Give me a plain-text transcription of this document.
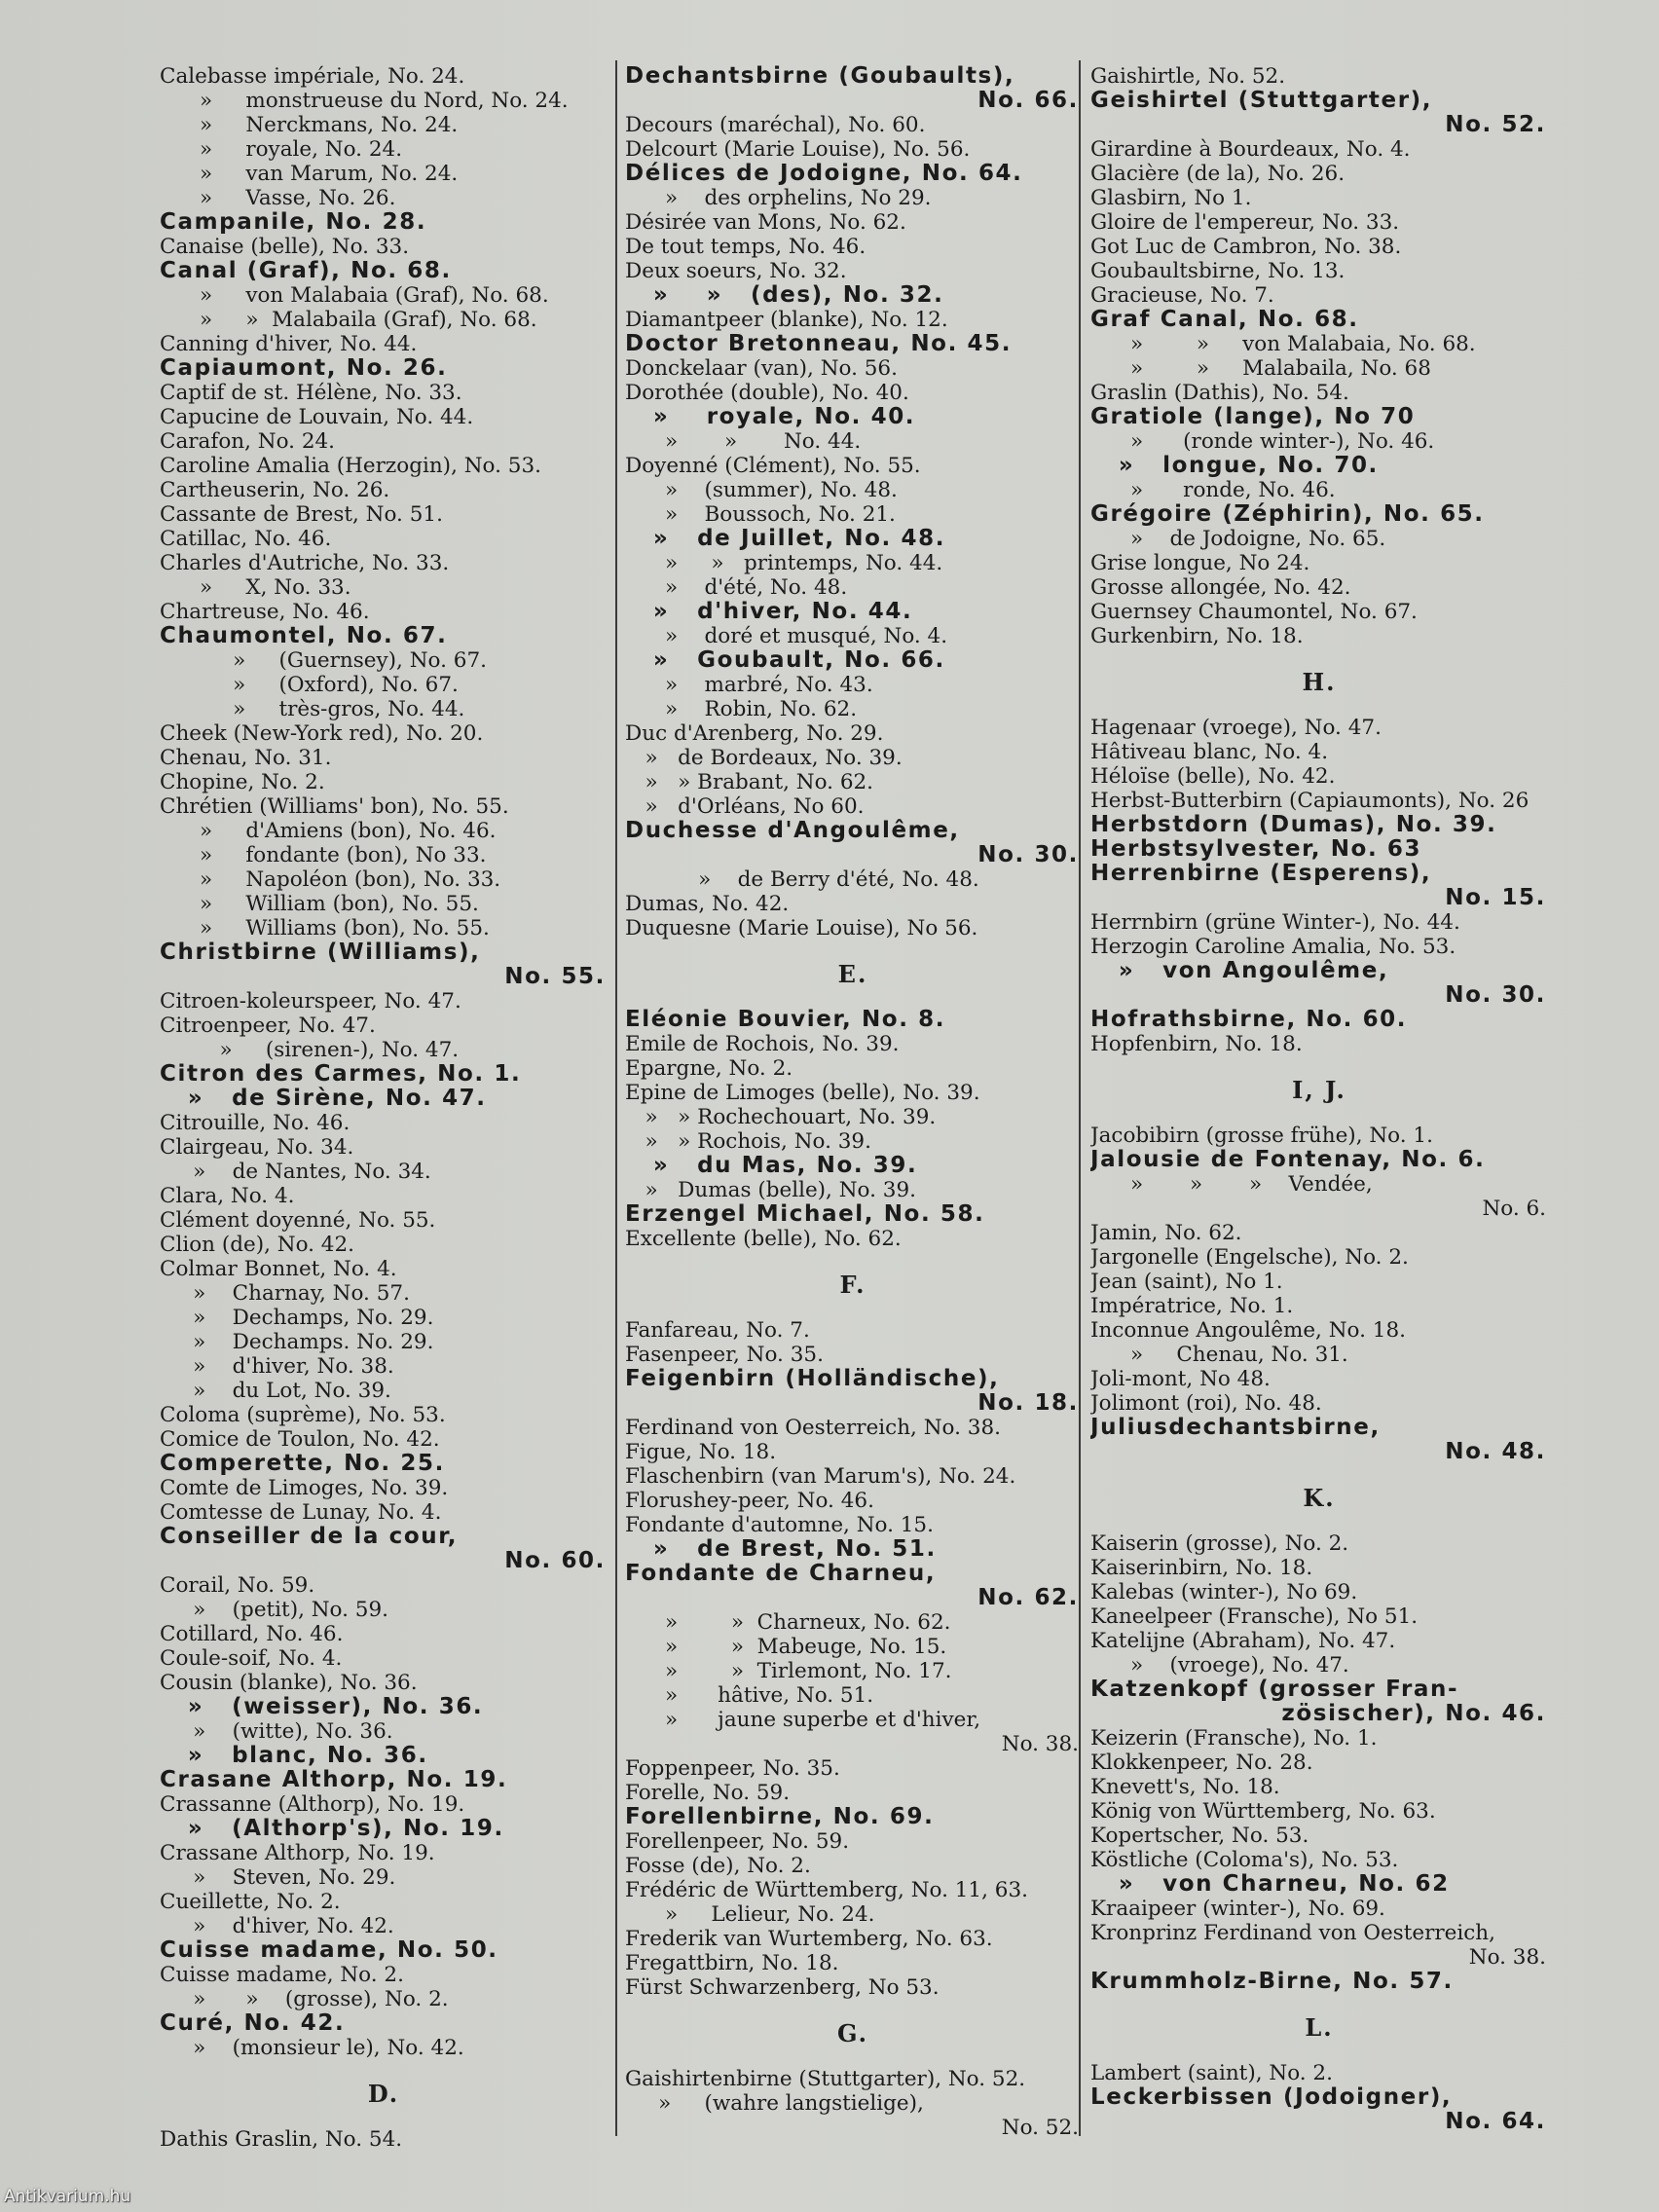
Calebasse impériale, No. 24.
»     monstrueuse du Nord, No. 24.
»     Nerckmans, No. 24.
»     royale, No. 24.
»     van Marum, No. 24.
»     Vasse, No. 26.
Campanile, No. 28.
Canaise (belle), No. 33.
Canal (Graf), No. 68.
»     von Malabaia (Graf), No. 68.
»     »  Malabaila (Graf), No. 68.
Canning d'hiver, No. 44.
Capiaumont, No. 26.
Captif de st. Hélène, No. 33.
Capucine de Louvain, No. 44.
Carafon, No. 24.
Caroline Amalia (Herzogin), No. 53.
Cartheuserin, No. 26.
Cassante de Brest, No. 51.
Catillac, No. 46.
Charles d'Autriche, No. 33.
»     X, No. 33.
Chartreuse, No. 46.
Chaumontel, No. 67.
»     (Guernsey), No. 67.
»     (Oxford), No. 67.
»     très-gros, No. 44.
Cheek (New-York red), No. 20.
Chenau, No. 31.
Chopine, No. 2.
Chrétien (Williams' bon), No. 55.
»     d'Amiens (bon), No. 46.
»     fondante (bon), No 33.
»     Napoléon (bon), No. 33.
»     William (bon), No. 55.
»     Williams (bon), No. 55.
Christbirne (Williams),
No. 55.
Citroen-koleurspeer, No. 47.
Citroenpeer, No. 47.
»     (sirenen-), No. 47.
Citron des Carmes, No. 1.
»   de Sirène, No. 47.
Citrouille, No. 46.
Clairgeau, No. 34.
»    de Nantes, No. 34.
Clara, No. 4.
Clément doyenné, No. 55.
Clion (de), No. 42.
Colmar Bonnet, No. 4.
»    Charnay, No. 57.
»    Dechamps, No. 29.
»    Dechamps. No. 29.
»    d'hiver, No. 38.
»    du Lot, No. 39.
Coloma (suprème), No. 53.
Comice de Toulon, No. 42.
Comperette, No. 25.
Comte de Limoges, No. 39.
Comtesse de Lunay, No. 4.
Conseiller de la cour,
No. 60.
Corail, No. 59.
»    (petit), No. 59.
Cotillard, No. 46.
Coule-soif, No. 4.
Cousin (blanke), No. 36.
»   (weisser), No. 36.
»    (witte), No. 36.
»   blanc, No. 36.
Crasane Althorp, No. 19.
Crassanne (Althorp), No. 19.
»   (Althorp's), No. 19.
Crassane Althorp, No. 19.
»    Steven, No. 29.
Cueillette, No. 2.
»    d'hiver, No. 42.
Cuisse madame, No. 50.
Cuisse madame, No. 2.
»      »    (grosse), No. 2.
Curé, No. 42.
»    (monsieur le), No. 42.
D.
Dathis Graslin, No. 54.
Dechantsbirne (Goubaults),
No. 66.
Decours (maréchal), No. 60.
Delcourt (Marie Louise), No. 56.
Délices de Jodoigne, No. 64.
»    des orphelins, No 29.
Désirée van Mons, No. 62.
De tout temps, No. 46.
Deux soeurs, No. 32.
»    »   (des), No. 32.
Diamantpeer (blanke), No. 12.
Doctor Bretonneau, No. 45.
Donckelaar (van), No. 56.
Dorothée (double), No. 40.
»    royale, No. 40.
»       »       No. 44.
Doyenné (Clément), No. 55.
»    (summer), No. 48.
»    Boussoch, No. 21.
»   de Juillet, No. 48.
»     »   printemps, No. 44.
»    d'été, No. 48.
»   d'hiver, No. 44.
»    doré et musqué, No. 4.
»   Goubault, No. 66.
»    marbré, No. 43.
»    Robin, No. 62.
Duc d'Arenberg, No. 29.
»   de Bordeaux, No. 39.
»   » Brabant, No. 62.
»   d'Orléans, No 60.
Duchesse d'Angoulême,
No. 30.
»    de Berry d'été, No. 48.
Dumas, No. 42.
Duquesne (Marie Louise), No 56.
E.
Eléonie Bouvier, No. 8.
Emile de Rochois, No. 39.
Epargne, No. 2.
Epine de Limoges (belle), No. 39.
»   » Rochechouart, No. 39.
»   » Rochois, No. 39.
»   du Mas, No. 39.
»   Dumas (belle), No. 39.
Erzengel Michael, No. 58.
Excellente (belle), No. 62.
F.
Fanfareau, No. 7.
Fasenpeer, No. 35.
Feigenbirn (Holländische),
No. 18.
Ferdinand von Oesterreich, No. 38.
Figue, No. 18.
Flaschenbirn (van Marum's), No. 24.
Florushey-peer, No. 46.
Fondante d'automne, No. 15.
»   de Brest, No. 51.
Fondante de Charneu,
No. 62.
»        »  Charneux, No. 62.
»        »  Mabeuge, No. 15.
»        »  Tirlemont, No. 17.
»      hâtive, No. 51.
»      jaune superbe et d'hiver,
No. 38.
Foppenpeer, No. 35.
Forelle, No. 59.
Forellenbirne, No. 69.
Forellenpeer, No. 59.
Fosse (de), No. 2.
Frédéric de Württemberg, No. 11, 63.
»     Lelieur, No. 24.
Frederik van Wurtemberg, No. 63.
Fregattbirn, No. 18.
Fürst Schwarzenberg, No 53.
G.
Gaishirtenbirne (Stuttgarter), No. 52.
»     (wahre langstielige),
No. 52.
Gaishirtle, No. 52.
Geishirtel (Stuttgarter),
No. 52.
Girardine à Bourdeaux, No. 4.
Glacière (de la), No. 26.
Glasbirn, No 1.
Gloire de l'empereur, No. 33.
Got Luc de Cambron, No. 38.
Goubaultsbirne, No. 13.
Gracieuse, No. 7.
Graf Canal, No. 68.
»        »     von Malabaia, No. 68.
»        »     Malabaila, No. 68
Graslin (Dathis), No. 54.
Gratiole (lange), No 70
»      (ronde winter-), No. 46.
»   longue, No. 70.
»      ronde, No. 46.
Grégoire (Zéphirin), No. 65.
»    de Jodoigne, No. 65.
Grise longue, No 24.
Grosse allongée, No. 42.
Guernsey Chaumontel, No. 67.
Gurkenbirn, No. 18.
H.
Hagenaar (vroege), No. 47.
Hâtiveau blanc, No. 4.
Héloïse (belle), No. 42.
Herbst-Butterbirn (Capiaumonts), No. 26
Herbstdorn (Dumas), No. 39.
Herbstsylvester, No. 63
Herrenbirne (Esperens),
No. 15.
Herrnbirn (grüne Winter-), No. 44.
Herzogin Caroline Amalia, No. 53.
»   von Angoulême,
No. 30.
Hofrathsbirne, No. 60.
Hopfenbirn, No. 18.
I, J.
Jacobibirn (grosse frühe), No. 1.
Jalousie de Fontenay, No. 6.
»       »       »    Vendée,
No. 6.
Jamin, No. 62.
Jargonelle (Engelsche), No. 2.
Jean (saint), No 1.
Impératrice, No. 1.
Inconnue Angoulême, No. 18.
»     Chenau, No. 31.
Joli-mont, No 48.
Jolimont (roi), No. 48.
Juliusdechantsbirne,
No. 48.
K.
Kaiserin (grosse), No. 2.
Kaiserinbirn, No. 18.
Kalebas (winter-), No 69.
Kaneelpeer (Fransche), No 51.
Katelijne (Abraham), No. 47.
»    (vroege), No. 47.
Katzenkopf (grosser Fran-
zösischer), No. 46.
Keizerin (Fransche), No. 1.
Klokkenpeer, No. 28.
Knevett's, No. 18.
König von Württemberg, No. 63.
Kopertscher, No. 53.
Köstliche (Coloma's), No. 53.
»   von Charneu, No. 62
Kraaipeer (winter-), No. 69.
Kronprinz Ferdinand von Oesterreich,
No. 38.
Krummholz-Birne, No. 57.
L.
Lambert (saint), No. 2.
Leckerbissen (Jodoigner),
No. 64.
Antikvarium.hu
